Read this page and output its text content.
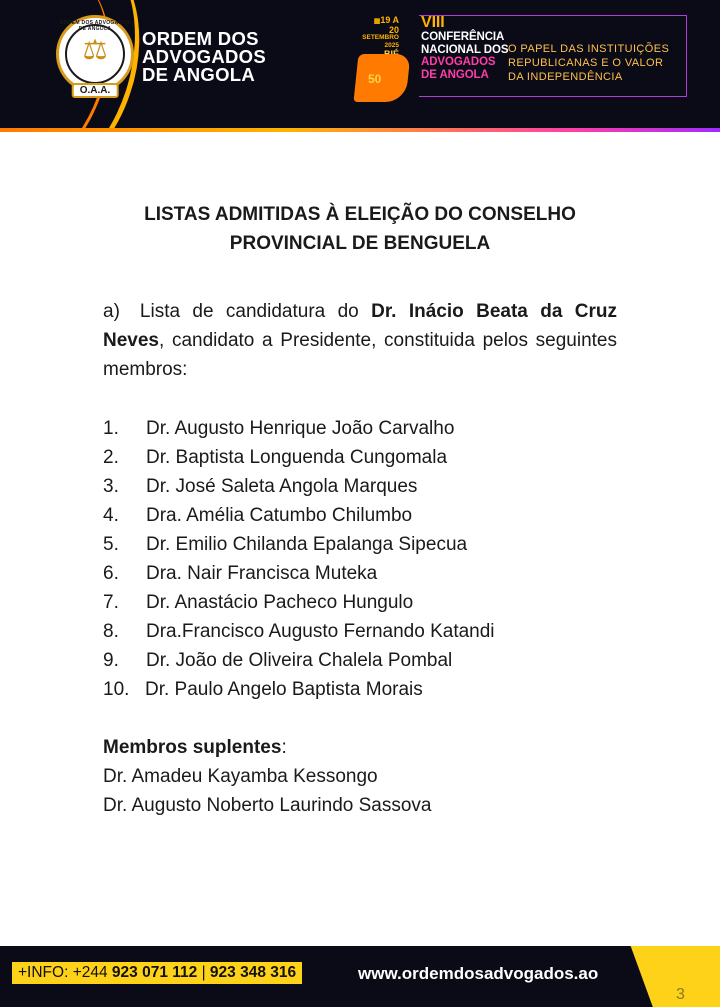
ORDEM DOS ADVOGADOS DE ANGOLA
⚖
O.A.A.
ORDEM DOS
ADVOGADOS
DE ANGOLA
▦19 A 20
SETEMBRO
2025
50
VIII
CONFERÊNCIA
NACIONAL DOS
ADVOGADOS
DE ANGOLA
O PAPEL DAS INSTITUIÇÕES
REPUBLICANAS E O VALOR
DA INDEPENDÊNCIA
LISTAS ADMITIDAS À ELEIÇÃO DO CONSELHO
PROVINCIAL DE BENGUELA
a) Lista de candidatura do Dr. Inácio Beata da Cruz Neves, candidato a Presidente, constituida pelos seguintes membros:
1. Dr. Augusto Henrique João Carvalho
2. Dr. Baptista Longuenda Cungomala
3. Dr. José Saleta Angola Marques
4. Dra. Amélia Catumbo Chilumbo
5. Dr. Emilio Chilanda Epalanga Sipecua
6. Dra. Nair Francisca Muteka
7. Dr. Anastácio Pacheco Hungulo
8. Dra.Francisco Augusto Fernando Katandi
9. Dr. João de Oliveira Chalela Pombal
10. Dr. Paulo Angelo Baptista Morais
Membros suplentes:
Dr. Amadeu Kayamba Kessongo
Dr. Augusto Noberto Laurindo Sassova
+INFO: +244 923 071 112 | 923 348 316	www.ordemdosadvogados.ao
3
